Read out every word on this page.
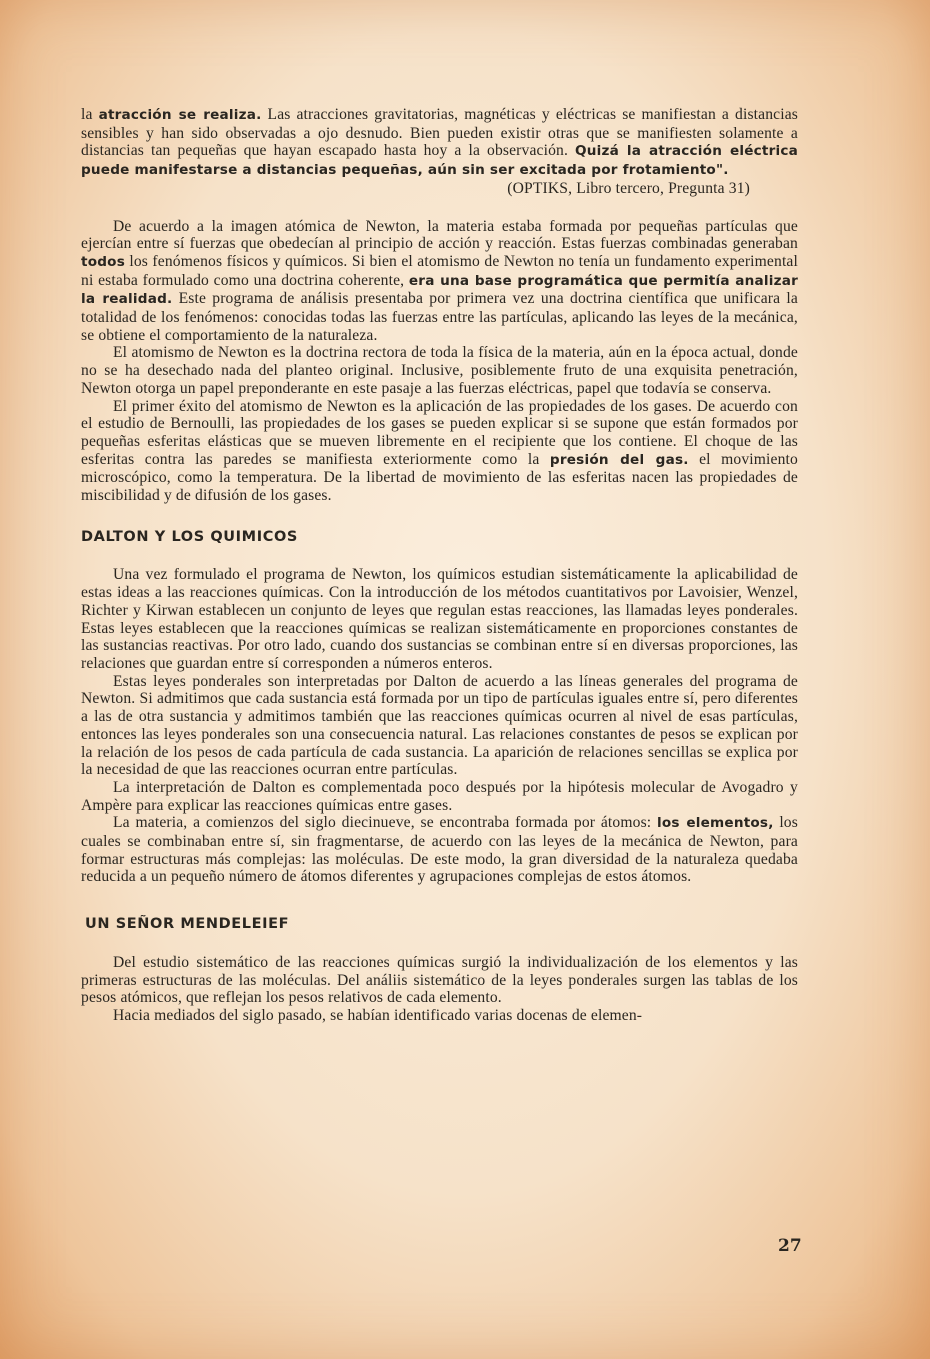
la atracción se realiza. Las atracciones gravitatorias, magnéticas y eléctricas se manifiestan a distancias sensibles y han sido observadas a ojo desnudo. Bien pueden existir otras que se manifiesten solamente a distancias tan pequeñas que hayan escapado hasta hoy a la observación. Quizá la atracción eléctrica puede manifestarse a distancias pequeñas, aún sin ser excitada por frotamiento".

(OPTIKS, Libro tercero, Pregunta 31)

De acuerdo a la imagen atómica de Newton, la materia estaba formada por pequeñas partículas que ejercían entre sí fuerzas que obedecían al principio de acción y reacción. Estas fuerzas combinadas generaban todos los fenómenos físicos y químicos. Si bien el atomismo de Newton no tenía un fundamento experimental ni estaba formulado como una doctrina coherente, era una base programática que permitía analizar la realidad. Este programa de análisis presentaba por primera vez una doctrina científica que unificara la totalidad de los fenómenos: conocidas todas las fuerzas entre las partículas, aplicando las leyes de la mecánica, se obtiene el comportamiento de la naturaleza.

El atomismo de Newton es la doctrina rectora de toda la física de la materia, aún en la época actual, donde no se ha desechado nada del planteo original. Inclusive, posiblemente fruto de una exquisita penetración, Newton otorga un papel preponderante en este pasaje a las fuerzas eléctricas, papel que todavía se conserva.

El primer éxito del atomismo de Newton es la aplicación de las propiedades de los gases. De acuerdo con el estudio de Bernoulli, las propiedades de los gases se pueden explicar si se supone que están formados por pequeñas esferitas elásticas que se mueven libremente en el recipiente que los contiene. El choque de las esferitas contra las paredes se manifiesta exteriormente como la presión del gas. el movimiento microscópico, como la temperatura. De la libertad de movimiento de las esferitas nacen las propiedades de miscibilidad y de difusión de los gases.

DALTON Y LOS QUIMICOS

Una vez formulado el programa de Newton, los químicos estudian sistemáticamente la aplicabilidad de estas ideas a las reacciones químicas. Con la introducción de los métodos cuantitativos por Lavoisier, Wenzel, Richter y Kirwan establecen un conjunto de leyes que regulan estas reacciones, las llamadas leyes ponderales. Estas leyes establecen que la reacciones químicas se realizan sistemáticamente en proporciones constantes de las sustancias reactivas. Por otro lado, cuando dos sustancias se combinan entre sí en diversas proporciones, las relaciones que guardan entre sí corresponden a números enteros.

Estas leyes ponderales son interpretadas por Dalton de acuerdo a las líneas generales del programa de Newton. Si admitimos que cada sustancia está formada por un tipo de partículas iguales entre sí, pero diferentes a las de otra sustancia y admitimos también que las reacciones químicas ocurren al nivel de esas partículas, entonces las leyes ponderales son una consecuencia natural. Las relaciones constantes de pesos se explican por la relación de los pesos de cada partícula de cada sustancia. La aparición de relaciones sencillas se explica por la necesidad de que las reacciones ocurran entre partículas.

La interpretación de Dalton es complementada poco después por la hipótesis molecular de Avogadro y Ampère para explicar las reacciones químicas entre gases.

La materia, a comienzos del siglo diecinueve, se encontraba formada por átomos: los elementos, los cuales se combinaban entre sí, sin fragmentarse, de acuerdo con las leyes de la mecánica de Newton, para formar estructuras más complejas: las moléculas. De este modo, la gran diversidad de la naturaleza quedaba reducida a un pequeño número de átomos diferentes y agrupaciones complejas de estos átomos.

UN SEÑOR MENDELEIEF

Del estudio sistemático de las reacciones químicas surgió la individualización de los elementos y las primeras estructuras de las moléculas. Del análiis sistemático de la leyes ponderales surgen las tablas de los pesos atómicos, que reflejan los pesos relativos de cada elemento.

Hacia mediados del siglo pasado, se habían identificado varias docenas de elemen-

27
